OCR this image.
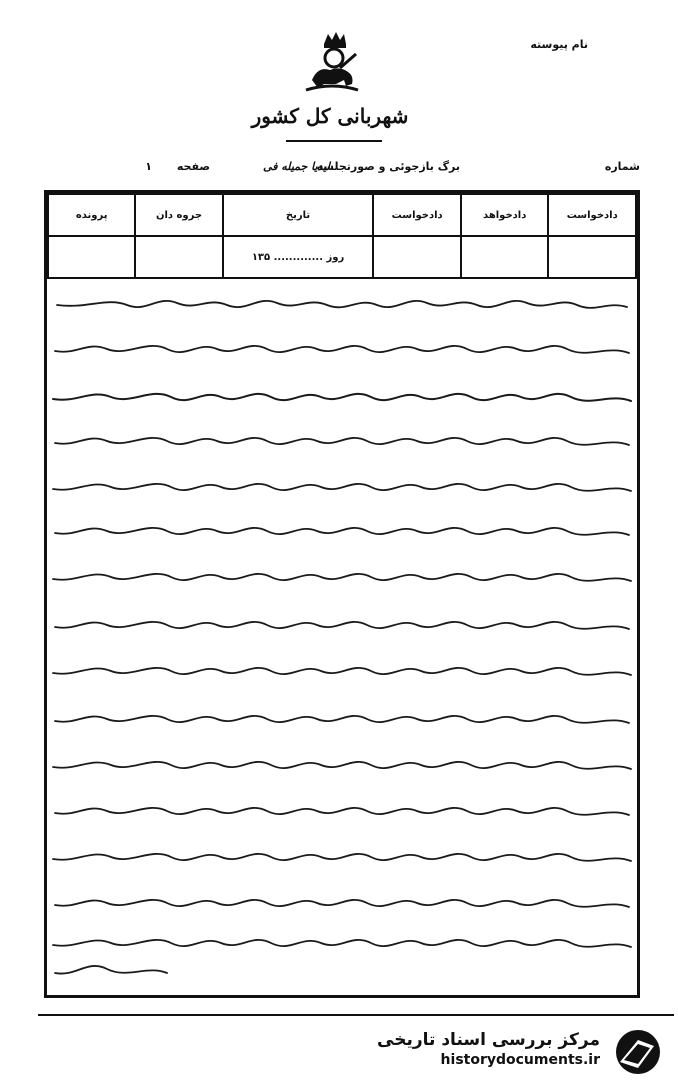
نام پیوسته
شهربانی کل کشور
شماره
برگ بازجوئی و صورتجلسه
لیدیا جمیله فی
صفحه
۱
دادخواست	دادخواهد	دادخواست	تاریخ	جروه دان	پرونده
			روز ............. ۱۳۵		
مرکز بررسی اسناد تاریخی
historydocuments.ir
